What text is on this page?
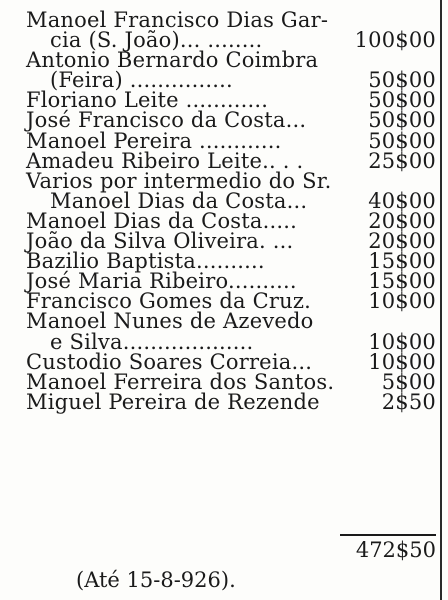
Manoel Francisco Dias Gar-
cia (S. João)... ........	100$00
Antonio Bernardo Coimbra
(Feira) ...............	50$00
Floriano Leite ............	50$00
José Francisco da Costa...	50$00
Manoel Pereira ............	50$00
Amadeu Ribeiro Leite.. . .	25$00
Varios por intermedio do Sr.
Manoel Dias da Costa...	40$00
Manoel Dias da Costa.....	20$00
João da Silva Oliveira. ...	20$00
Bazilio Baptista..........	15$00
José Maria Ribeiro..........	15$00
Francisco Gomes da Cruz.	10$00
Manoel Nunes de Azevedo
e Silva...................	10$00
Custodio Soares Correia...	10$00
Manoel Ferreira dos Santos. 5$00
Miguel Pereira de Rezende	2$50
472$50
(Até 15-8-926).
